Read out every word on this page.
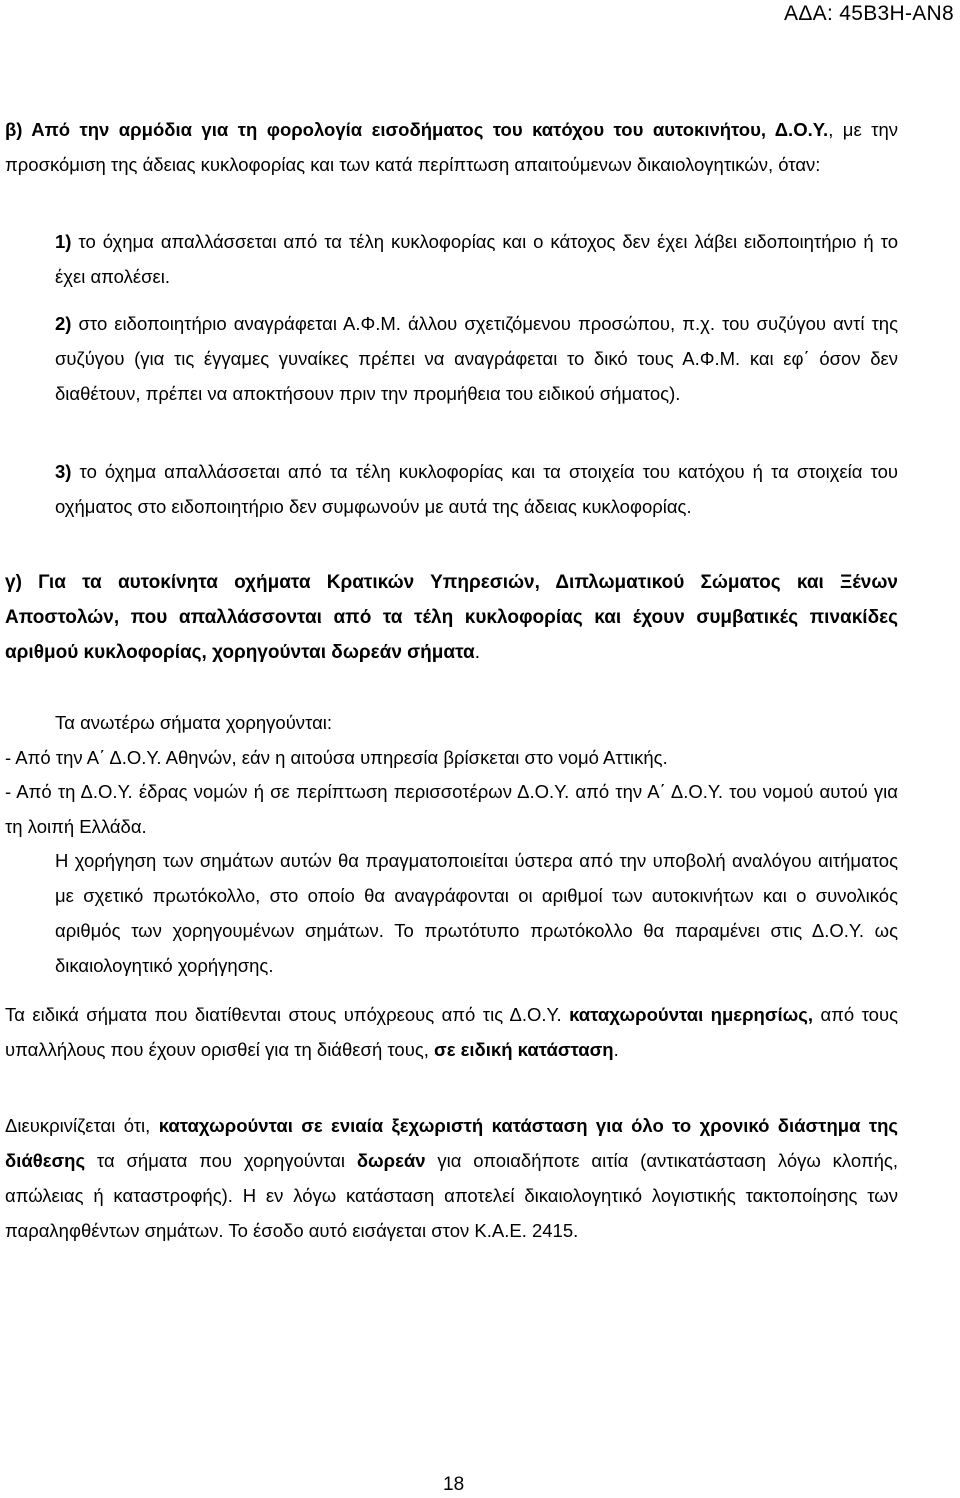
ΑΔΑ: 45Β3Η-ΑΝ8
β) Από την αρμόδια για τη φορολογία εισοδήματος του κατόχου του αυτοκινήτου, Δ.Ο.Υ., με την προσκόμιση της άδειας κυκλοφορίας και των κατά περίπτωση απαιτούμενων δικαιολογητικών, όταν:
1) το όχημα απαλλάσσεται από τα τέλη κυκλοφορίας και ο κάτοχος δεν έχει λάβει ειδοποιητήριο ή το έχει απολέσει.
2) στο ειδοποιητήριο αναγράφεται Α.Φ.Μ. άλλου σχετιζόμενου προσώπου, π.χ. του συζύγου αντί της συζύγου (για τις έγγαμες γυναίκες πρέπει να αναγράφεται το δικό τους Α.Φ.Μ. και εφ΄ όσον δεν διαθέτουν, πρέπει να αποκτήσουν πριν την προμήθεια του ειδικού σήματος).
3) το όχημα απαλλάσσεται από τα τέλη κυκλοφορίας και τα στοιχεία του κατόχου ή τα στοιχεία του οχήματος στο ειδοποιητήριο δεν συμφωνούν με αυτά της άδειας κυκλοφορίας.
γ) Για τα αυτοκίνητα οχήματα Κρατικών Υπηρεσιών, Διπλωματικού Σώματος και Ξένων Αποστολών, που απαλλάσσονται από τα τέλη κυκλοφορίας και έχουν συμβατικές πινακίδες αριθμού κυκλοφορίας, χορηγούνται δωρεάν σήματα.
Τα ανωτέρω σήματα χορηγούνται:
- Από την Α΄ Δ.Ο.Υ. Αθηνών, εάν η αιτούσα υπηρεσία βρίσκεται στο νομό Αττικής.
- Από τη Δ.Ο.Υ. έδρας νομών ή σε περίπτωση περισσοτέρων Δ.Ο.Υ. από την Α΄ Δ.Ο.Υ. του νομού αυτού για τη λοιπή Ελλάδα.
Η χορήγηση των σημάτων αυτών θα πραγματοποιείται ύστερα από την υποβολή αναλόγου αιτήματος με σχετικό πρωτόκολλο, στο οποίο θα αναγράφονται οι αριθμοί των αυτοκινήτων και ο συνολικός αριθμός των χορηγουμένων σημάτων. Το πρωτότυπο πρωτόκολλο θα παραμένει στις Δ.Ο.Υ. ως δικαιολογητικό χορήγησης.
Τα ειδικά σήματα που διατίθενται στους υπόχρεους από τις Δ.Ο.Υ. καταχωρούνται ημερησίως, από τους υπαλλήλους που έχουν ορισθεί για τη διάθεσή τους, σε ειδική κατάσταση.
Διευκρινίζεται ότι, καταχωρούνται σε ενιαία ξεχωριστή κατάσταση για όλο το χρονικό διάστημα της διάθεσης τα σήματα που χορηγούνται δωρεάν για οποιαδήποτε αιτία (αντικατάσταση λόγω κλοπής, απώλειας ή καταστροφής). Η εν λόγω κατάσταση αποτελεί δικαιολογητικό λογιστικής τακτοποίησης των παραληφθέντων σημάτων. Το έσοδο αυτό εισάγεται στον Κ.Α.Ε. 2415.
18
